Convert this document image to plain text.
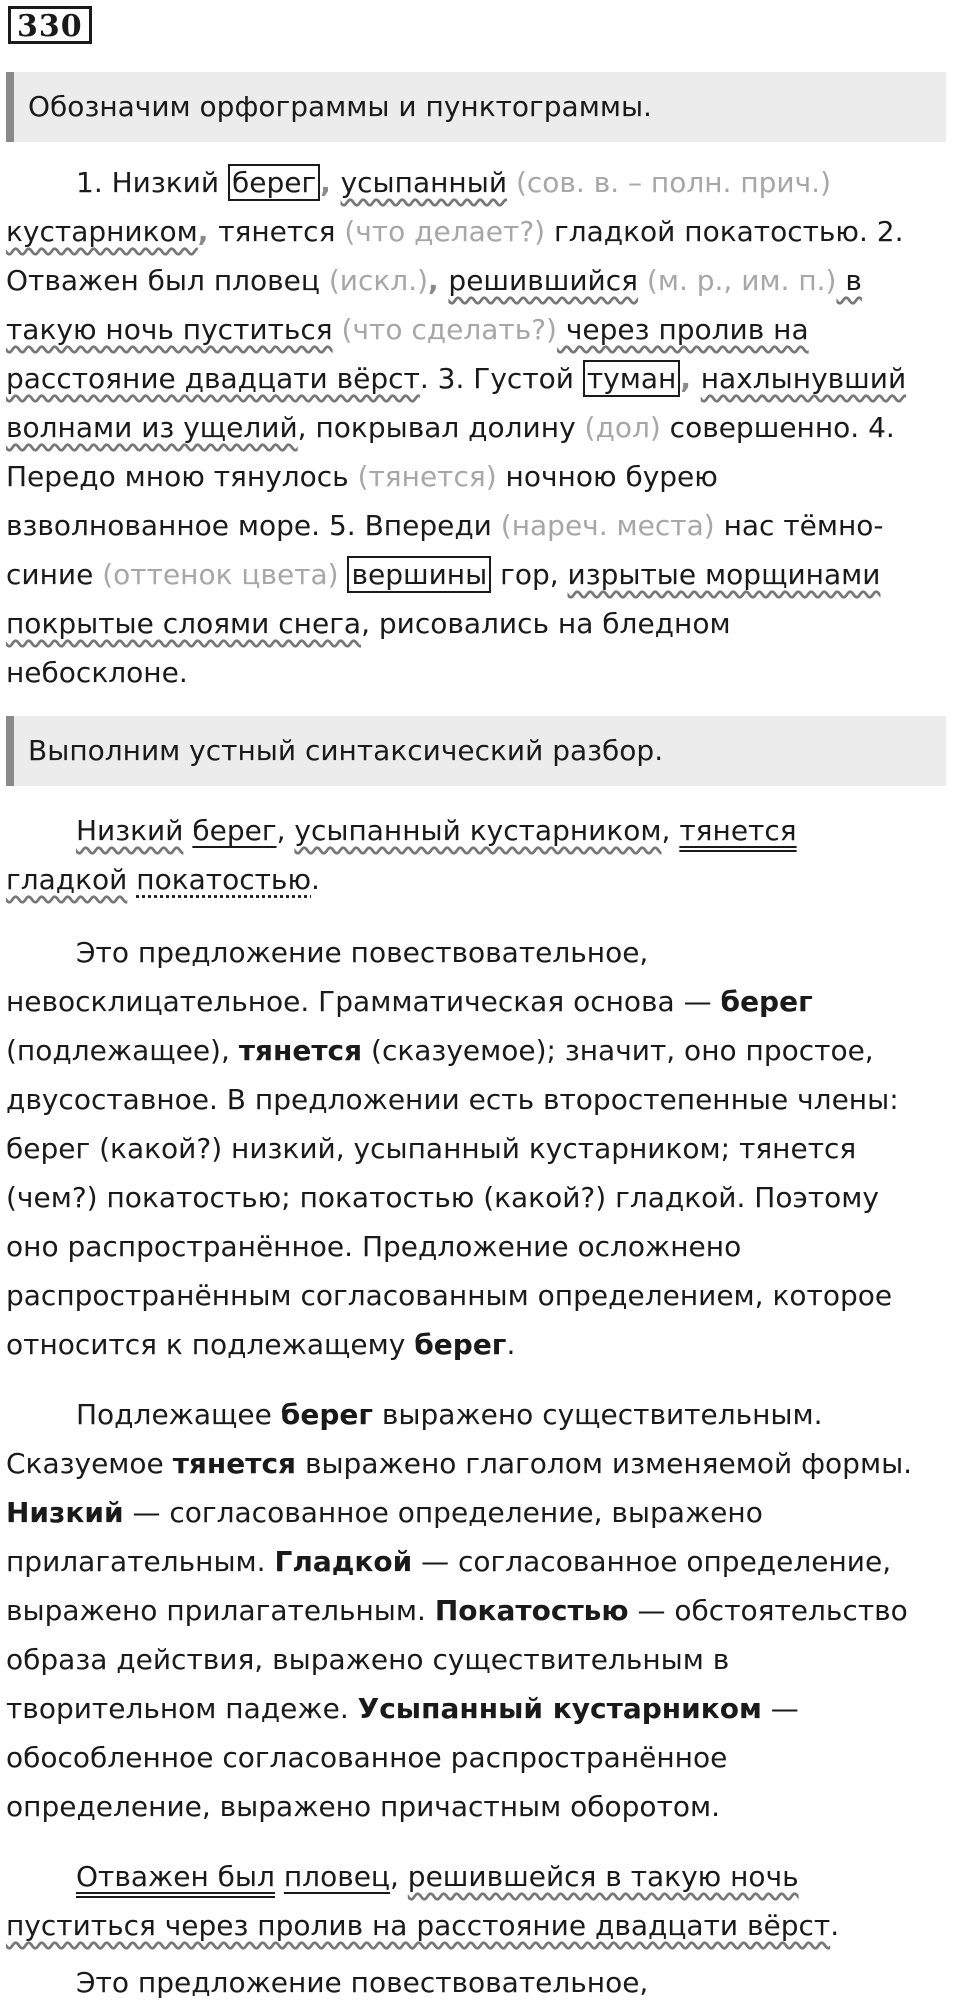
330
Обозначим орфограммы и пунктограммы.
1. Низкий берег , усыпанный (сов. в. – полн. прич.)
кустарником, тянется (что делает?) гладкой покатостью. 2.
Отважен был пловец (искл.), решившийся (м. р., им. п.) в
такую ночь пуститься (что сделать?) через пролив на
расстояние двадцати вёрст. 3. Густой туман , нахлынувший
волнами из ущелий, покрывал долину (дол) совершенно. 4.
Передо мною тянулось (тянется) ночною бурею
взволнованное море. 5. Впереди (нареч. места) нас тёмно-
синие (оттенок цвета) вершины гор, изрытые морщинами
покрытые слоями снега, рисовались на бледном
небосклоне.
Выполним устный синтаксический разбор.
Низкий берег, усыпанный кустарником, тянется
гладкой покатостью.
Это предложение повествовательное,
невосклицательное. Грамматическая основа — берег
(подлежащее), тянется (сказуемое); значит, оно простое,
двусоставное. В предложении есть второстепенные члены:
берег (какой?) низкий, усыпанный кустарником; тянется
(чем?) покатостью; покатостью (какой?) гладкой. Поэтому
оно распространённое. Предложение осложнено
распространённым согласованным определением, которое
относится к подлежащему берег.
Подлежащее берег выражено существительным.
Сказуемое тянется выражено глаголом изменяемой формы.
Низкий — согласованное определение, выражено
прилагательным. Гладкой — согласованное определение,
выражено прилагательным. Покатостью — обстоятельство
образа действия, выражено существительным в
творительном падеже. Усыпанный кустарником —
обособленное согласованное распространённое
определение, выражено причастным оборотом.
Отважен был пловец, решившейся в такую ночь
пуститься через пролив на расстояние двадцати вёрст.
Это предложение повествовательное,
